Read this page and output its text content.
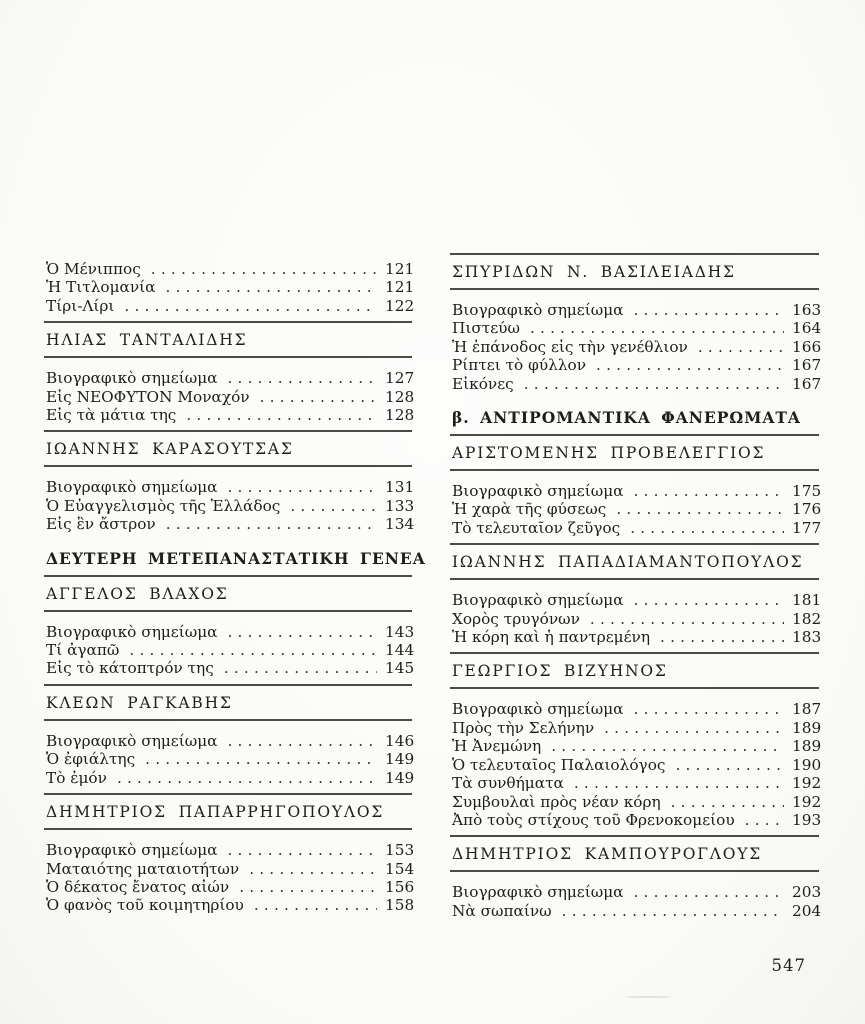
Ὁ Μένιππος .....	121
Ἡ Τιτλομανία .....	121
Τίρι-Λίρι .....	122
ΗΛΙΑΣ ΤΑΝΤΑΛΙΔΗΣ
Βιογραφικὸ σημείωμα .....	127
Εἰς ΝΕΟΦΥΤΟΝ Μοναχόν .....	128
Εἰς τὰ μάτια της .....	128
ΙΩΑΝΝΗΣ ΚΑΡΑΣΟΥΤΣΑΣ
Βιογραφικὸ σημείωμα .....	131
Ὁ Εὐαγγελισμὸς τῆς Ἑλλάδος .....	133
Εἰς ἓν ἄστρον .....	134
ΔΕΥΤΕΡΗ ΜΕΤΕΠΑΝΑΣΤΑΤΙΚΗ ΓΕΝΕΑ
ΑΓΓΕΛΟΣ ΒΛΑΧΟΣ
Βιογραφικὸ σημείωμα .....	143
Τί ἀγαπῶ .....	144
Εἰς τὸ κάτοπτρόν της .....	145
ΚΛΕΩΝ ΡΑΓΚΑΒΗΣ
Βιογραφικὸ σημείωμα .....	146
Ὁ ἐφιάλτης .....	149
Τὸ ἐμόν .....	149
ΔΗΜΗΤΡΙΟΣ ΠΑΠΑΡΡΗΓΟΠΟΥΛΟΣ
Βιογραφικὸ σημείωμα .....	153
Ματαιότης ματαιοτήτων .....	154
Ὁ δέκατος ἔνατος αἰών .....	156
Ὁ φανὸς τοῦ κοιμητηρίου .....	158
ΣΠΥΡΙΔΩΝ Ν. ΒΑΣΙΛΕΙΑΔΗΣ
Βιογραφικὸ σημείωμα .....	163
Πιστεύω .....	164
Ἡ ἐπάνοδος εἰς τὴν γενέθλιον .....	166
Ρίπτει τὸ φύλλον .....	167
Εἰκόνες .....	167
β. ΑΝΤΙΡΟΜΑΝΤΙΚΑ ΦΑΝΕΡΩΜΑΤΑ
ΑΡΙΣΤΟΜΕΝΗΣ ΠΡΟΒΕΛΕΓΓΙΟΣ
Βιογραφικὸ σημείωμα .....	175
Ἡ χαρὰ τῆς φύσεως .....	176
Τὸ τελευταῖον ζεῦγος .....	177
ΙΩΑΝΝΗΣ ΠΑΠΑΔΙΑΜΑΝΤΟΠΟΥΛΟΣ
Βιογραφικὸ σημείωμα .....	181
Χορὸς τρυγόνων .....	182
Ἡ κόρη καὶ ἡ παντρεμένη .....	183
ΓΕΩΡΓΙΟΣ ΒΙΖΥΗΝΟΣ
Βιογραφικὸ σημείωμα .....	187
Πρὸς τὴν Σελήνην .....	189
Ἡ Ἀνεμώνη .....	189
Ὁ τελευταῖος Παλαιολόγος .....	190
Τὰ συνθήματα .....	192
Συμβουλαὶ πρὸς νέαν κόρη .....	192
Ἀπὸ τοὺς στίχους τοῦ Φρενοκομείου .....	193
ΔΗΜΗΤΡΙΟΣ ΚΑΜΠΟΥΡΟΓΛΟΥΣ
Βιογραφικὸ σημείωμα .....	203
Νὰ σωπαίνω .....	204
547
